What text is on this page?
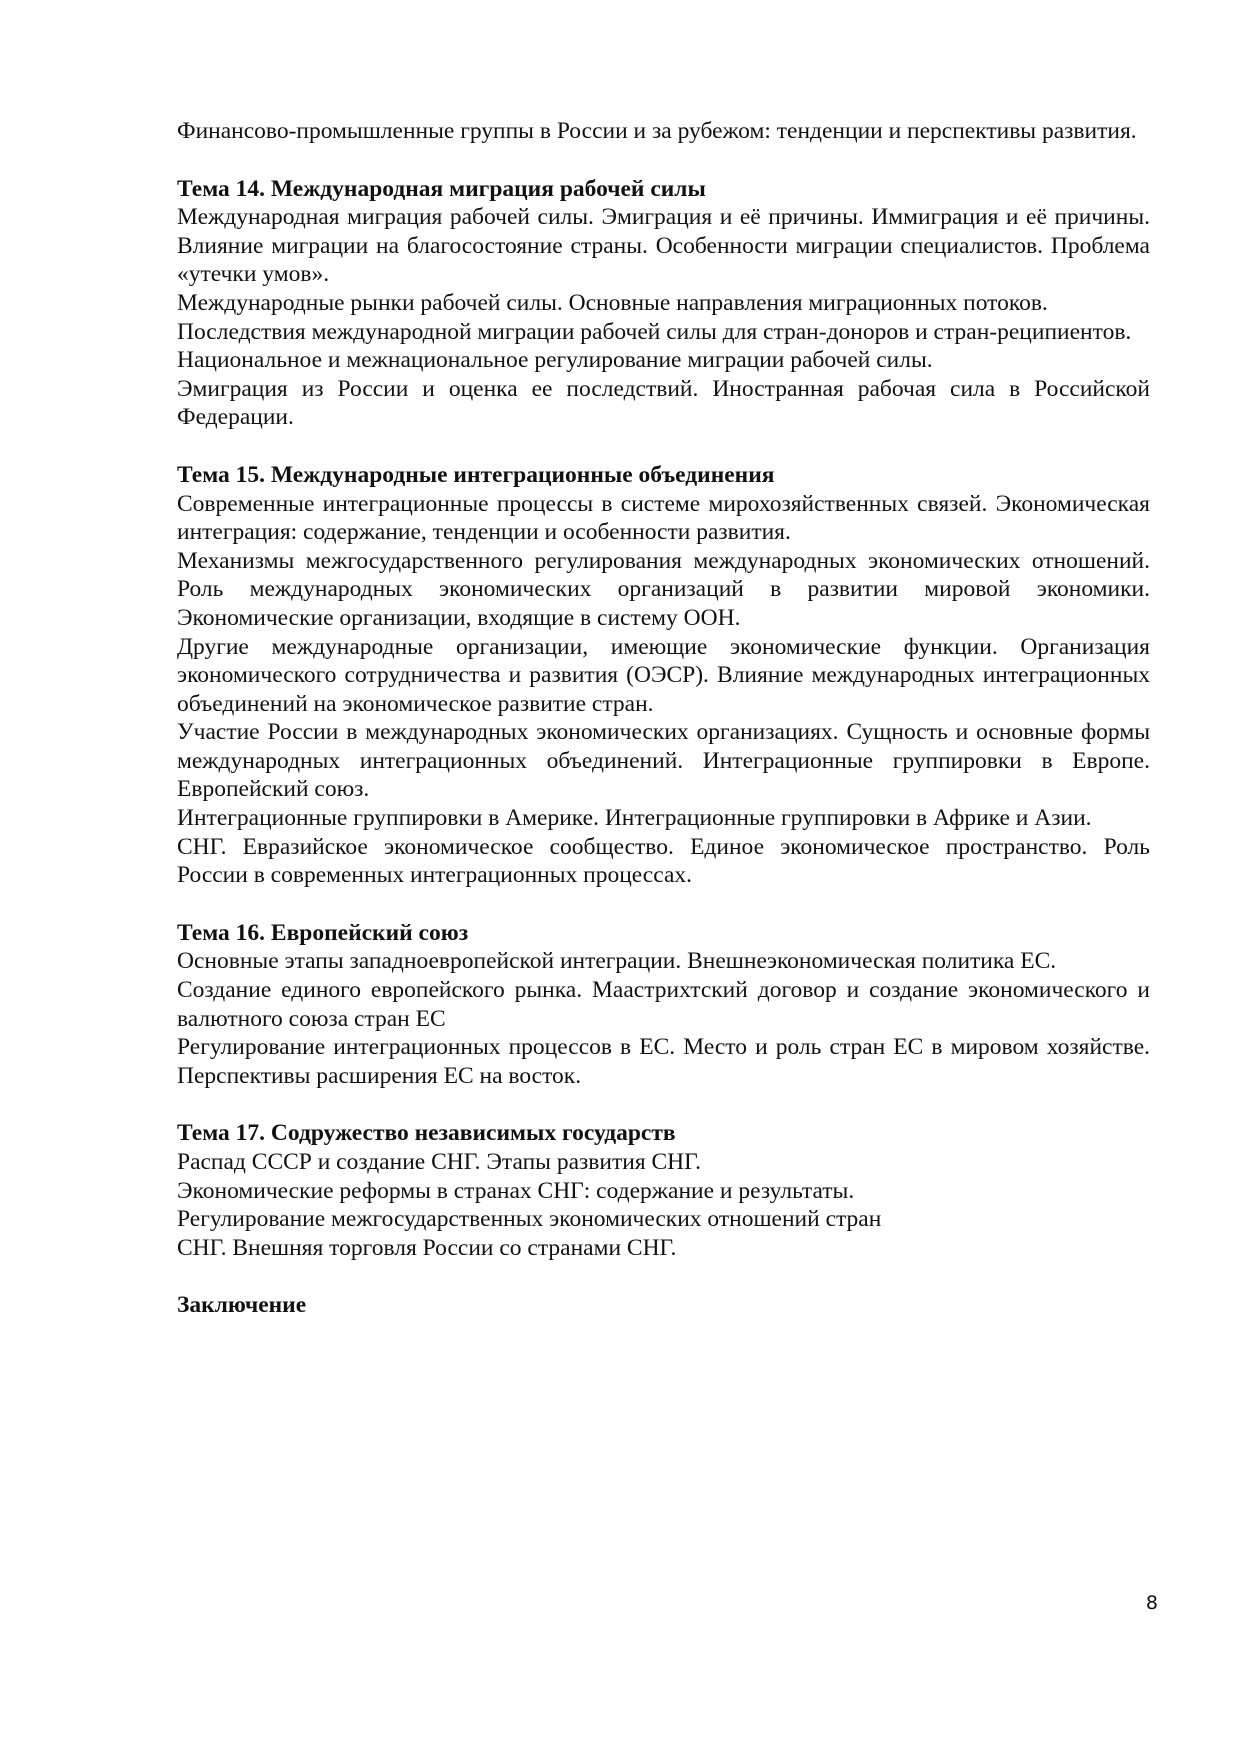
Финансово-промышленные группы в России и за рубежом: тенденции и перспективы развития.

Тема 14. Международная миграция рабочей силы

Международная миграция рабочей силы. Эмиграция и её причины. Иммиграция и её причины. Влияние миграции на благосостояние страны. Особенности миграции специалистов. Проблема «утечки умов».

Международные рынки рабочей силы. Основные направления миграционных потоков.

Последствия международной миграции рабочей силы для стран-доноров и стран-реципиентов.

Национальное и межнациональное регулирование миграции рабочей силы.

Эмиграция из России и оценка ее последствий. Иностранная рабочая сила в Российской Федерации.

Тема 15. Международные интеграционные объединения

Современные интеграционные процессы в системе мирохозяйственных связей. Экономическая интеграция: содержание, тенденции и особенности развития.

Механизмы межгосударственного регулирования международных экономических отношений. Роль международных экономических организаций в развитии мировой экономики. Экономические организации, входящие в систему ООН.

Другие международные организации, имеющие экономические функции. Организация экономического сотрудничества и развития (ОЭСР). Влияние международных интеграционных объединений на экономическое развитие стран.

Участие России в международных экономических организациях. Сущность и основные формы международных интеграционных объединений. Интеграционные группировки в Европе. Европейский союз.

Интеграционные группировки в Америке. Интеграционные группировки в Африке и Азии.

СНГ. Евразийское экономическое сообщество. Единое экономическое пространство. Роль России в современных интеграционных процессах.

Тема 16. Европейский союз

Основные этапы западноевропейской интеграции. Внешнеэкономическая политика ЕС.

Создание единого европейского рынка. Маастрихтский договор и создание экономического и валютного союза стран ЕС

Регулирование интеграционных процессов в ЕС. Место и роль стран ЕС в мировом хозяйстве. Перспективы расширения ЕС на восток.

Тема 17. Содружество независимых государств

Распад СССР и создание СНГ. Этапы развития СНГ.

Экономические реформы в странах СНГ: содержание и результаты.

Регулирование межгосударственных экономических отношений стран

СНГ. Внешняя торговля России со странами СНГ.

Заключение

8
